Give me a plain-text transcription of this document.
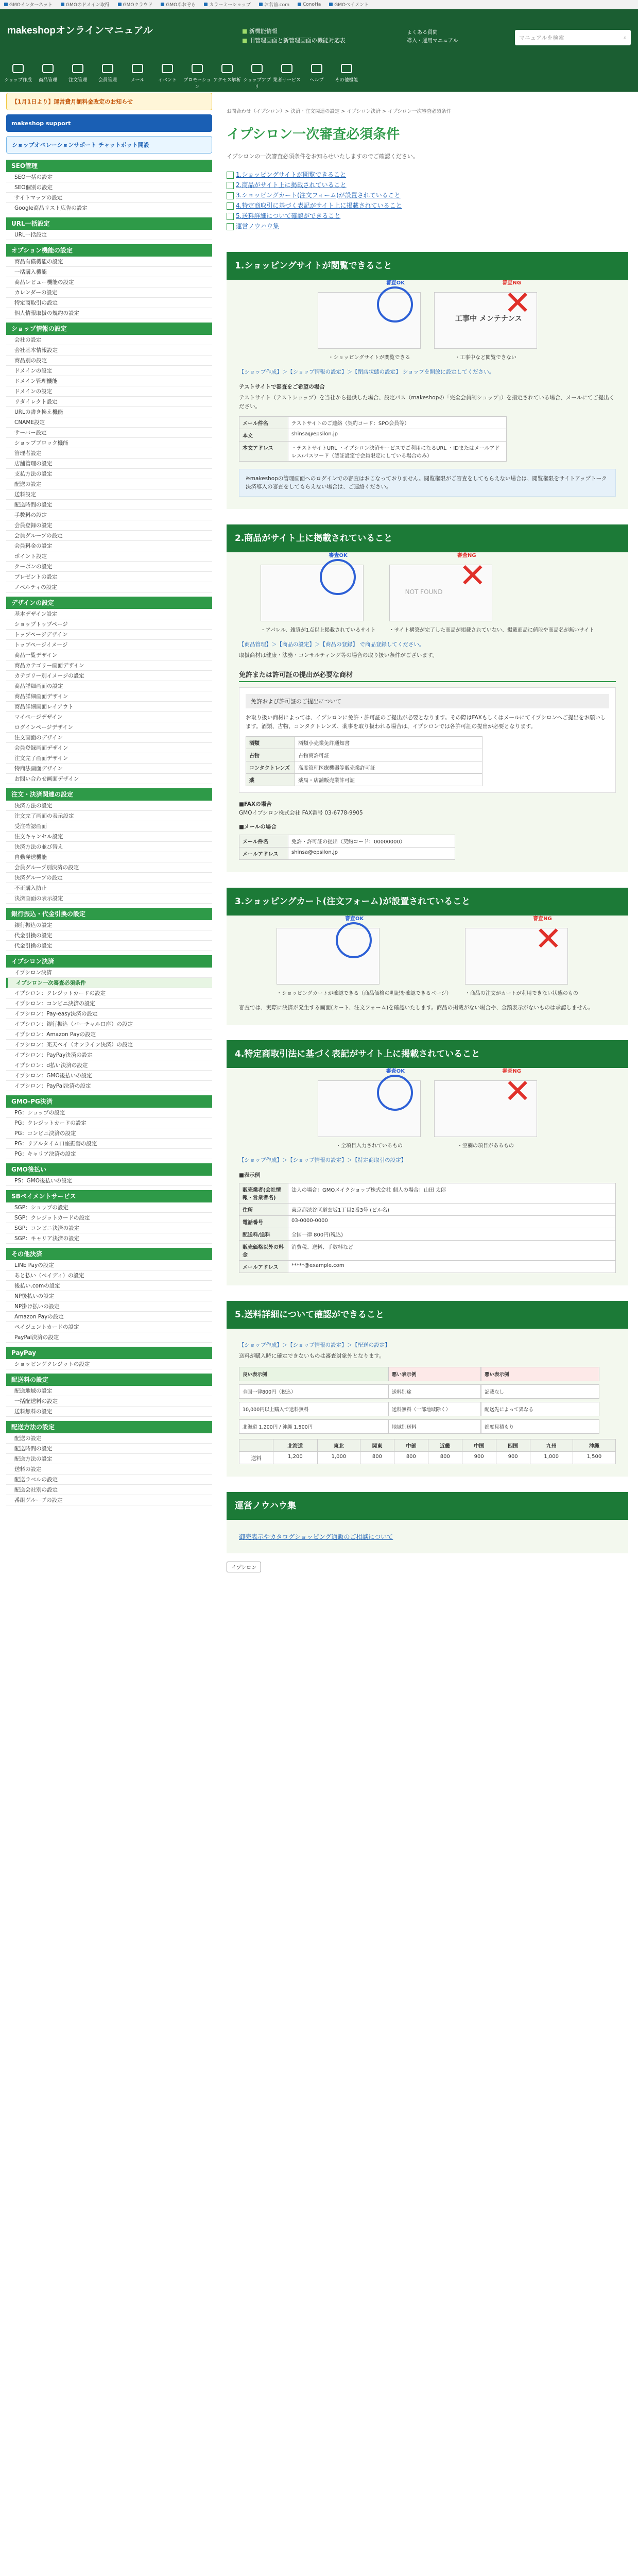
GMOインターネット	GMOのドメイン取得	GMOクラウド	GMOあおぞら	カラーミーショップ	お名前.com	ConoHa	GMOペイメント
makeshopオンラインマニュアル	■ 新機能情報
■ 旧管理画面と新管理画面の機能対応表
よくある質問
導入・運用マニュアル	マニュアルを検索	⌕
ショップ作成	商品管理	注文管理	会員管理	メール	イベント	プロモーション
アクセス解析 ショップアプリ
業者サービス	ヘルプ	その他機能
【1月1日より】運営費月額料金改定のお知らせ
makeshop support
ショップオペレーションサポート チャットボット開設
SEO管理
SEO一括の設定
SEO個別の設定
サイトマップの設定
Google商品リスト広告の設定
URL一括設定
URL一括設定
オプション機能の設定
商品有償機能の設定
一括購入機能
商品レビュー機能の設定
カレンダーの設定
特定商取引の設定
個人情報取扱の規約の設定
ショップ情報の設定
会社の設定
会社基本情報設定
商品別の設定
ドメインの設定
ドメイン管理機能
ドメインの設定
リダイレクト設定
URLの書き換え機能
CNAME設定
サーバー設定
ショップブロック機能
管理者設定
店舗管理の設定
支払方法の設定
配送の設定
送料設定
配送時間の設定
手数料の設定
会員登録の設定
会員グループの設定
会員料金の設定
ポイント設定
クーポンの設定
プレゼントの設定
ノベルティの設定
デザインの設定
基本デザイン設定
ショップトップページ
トップページデザイン
トップページイメージ
商品一覧デザイン
商品カテゴリー画面デザイン
カテゴリー別イメージの設定
商品詳細画面の設定
商品詳細画面デザイン
商品詳細画面レイアウト
マイページデザイン
ログインページデザイン
注文画面のデザイン
会員登録画面デザイン
注文完了画面デザイン
特商法画面デザイン
お問い合わせ画面デザイン
注文・決済関連の設定
決済方法の設定
注文完了画面の表示設定
受注確認画面
注文キャンセル設定
決済方法の並び替え
自動発送機能
会員グループ別決済の設定
決済グループの設定
不正購入防止
決済画面の表示設定
銀行振込・代金引換の設定
銀行振込の設定
代金引換の設定
代金引換の設定
イプシロン決済
イプシロン決済
イプシロン一次審査必須条件
イプシロン：クレジットカードの設定
イプシロン：コンビニ決済の設定
イプシロン：Pay-easy決済の設定
イプシロン：銀行振込（バーチャル口座）の設定
イプシロン：Amazon Payの設定
イプシロン：楽天ペイ（オンライン決済）の設定
イプシロン：PayPay決済の設定
イプシロン：d払い決済の設定
イプシロン：GMO後払いの設定
イプシロン：PayPal決済の設定
GMO-PG決済
PG：ショップの設定
PG：クレジットカードの設定
PG：コンビニ決済の設定
PG：リアルタイム口座振替の設定
PG：キャリア決済の設定
GMO後払い
PS：GMO後払いの設定
SBペイメントサービス
SGP：ショップの設定
SGP：クレジットカードの設定
SGP：コンビニ決済の設定
SGP：キャリア決済の設定
その他決済
LINE Payの設定
あと払い（ペイディ）の設定
後払い.comの設定
NP後払いの設定
NP掛け払いの設定
Amazon Payの設定
ペイジェントカードの設定
PayPal決済の設定
PayPay
ショッピングクレジットの設定
配送料の設定
配送地域の設定
一括配送料の設定
送料無料の設定
配送方法の設定
配送の設定
配送時間の設定
配送方法の設定
送料の設定
配送ラベルの設定
配送会社別の設定
番組グループの設定
お問合わせ（イプシロン）> 決済・注文関連の設定 > イプシロン決済 > イプシロン一次審査必須条件
イプシロン一次審査必須条件
イプシロンの一次審査必須条件をお知らせいたしますのでご確認ください。
1.ショッピングサイトが閲覧できること
2.商品がサイト上に掲載されていること
3.ショッピングカート(注文フォーム)が設置されていること
4.特定商取引に基づく表記がサイト上に掲載されていること
5.送料詳細について確認ができること
運営ノウハウ集
1.ショッピングサイトが閲覧できること
審査OK
・ショッピングサイトが閲覧できる
工事中 メンテナンス
✕
審査NG
・工事中など閲覧できない
【ショップ作成】＞【ショップ情報の設定】＞【閉店状態の設定】 ショップを開放に設定してください。
テストサイトで審査をご希望の場合
テストサイト（テストショップ）を当社から提供した場合、設定パス（makeshopの「完全会員制ショップ」）を指定されている場合、メールにてご提出ください。
メール件名	テストサイトのご連絡（契約コード：SPO会員等）
本文	shinsa@epsilon.jp
本文アドレス	・テストサイトURL ・イプシロン決済サービスでご利用になるURL ・IDまたはメールアドレス/パスワード（認証設定で会員限定にしている場合のみ）
※makeshopの管理画面へのログインでの審査はおこなっておりません。閲覧権限がご審査をしてもらえない場合は、閲覧権限をサイトアップトーク決済導入の審査をしてもらえない場合は、ご連絡ください。
2.商品がサイト上に掲載されていること
審査OK
・アパレル、雑貨が1点以上掲載されているサイト
NOT FOUND ✕
審査NG
・サイト構築が完了した商品が掲載されていない、掲載商品に値段や商品名が無いサイト
【商品管理】＞【商品の設定】＞【商品の登録】 で商品登録してください。
取扱商材は健康・法務・コンサルティング等の場合の取り扱い条件がございます。
免許または許可証の提出が必要な商材
免許および許可証のご提出について
お取り扱い商材によっては、イプシロンに免許・許可証のご提出が必要となります。その際はFAXもしくはメールにてイプシロンへご提出をお願いします。酒類、古物、コンタクトレンズ、薬事を取り扱われる場合は、イプシロンでは各許可証の提出が必要となります。
酒類	酒類小売業免許通知書
古物	古物商許可証
コンタクトレンズ	高度管理医療機器等販売業許可証
薬	薬局・店舗販売業許可証
■FAXの場合
GMOイプシロン株式会社 FAX番号 03-6778-9905
■メールの場合
メール件名	免許・許可証の提出（契約コード：00000000）
メールアドレス	shinsa@epsilon.jp
3.ショッピングカート(注文フォーム)が設置されていること
審査OK
・ショッピングカートが確認できる（商品価格の明記を確認できるページ）
✕
審査NG
・商品の注文がカートが利用できない状態のもの
審査では、実際に決済が発生する画面(カート、注文フォーム)を確認いたします。商品の掲載がない場合や、金額表示がないものは承認しません。
4.特定商取引法に基づく表記がサイト上に掲載されていること
審査OK
・全項目入力されているもの
✕
審査NG
・空欄の項目があるもの
【ショップ作成】＞【ショップ情報の設定】＞【特定商取引の設定】
■表示例
販売業者(会社情報・営業者名)	法人の場合：GMOメイクショップ株式会社 個人の場合：山田 太郎
住所	東京都渋谷区道玄坂1丁目2番3号 (ビル名)
電話番号	03-0000-0000
配送料/送料	全国一律 800円(税込)
販売価格以外の料金	消費税、送料、手数料など
メールアドレス	*****@example.com
5.送料詳細について確認ができること
【ショップ作成】＞【ショップ情報の設定】＞【配送の設定】
送料が購入時に確定できないものは審査対象外となります。
良い表示例	悪い表示例	悪い表示例
全国一律800円（税込）	送料別途	記載なし
10,000円以上購入で送料無料	送料無料（一部地域除く）	配送先によって異なる
北海道 1,200円 / 沖縄 1,500円	地域別送料	都度見積もり
	北海道	東北	関東	中部	近畿	中国	四国	九州	沖縄
送料	1,200	1,000	800	800	800	900	900	1,000	1,500
運営ノウハウ集
御売表示やカタログショッピング通販のご相談について
イプシロン
